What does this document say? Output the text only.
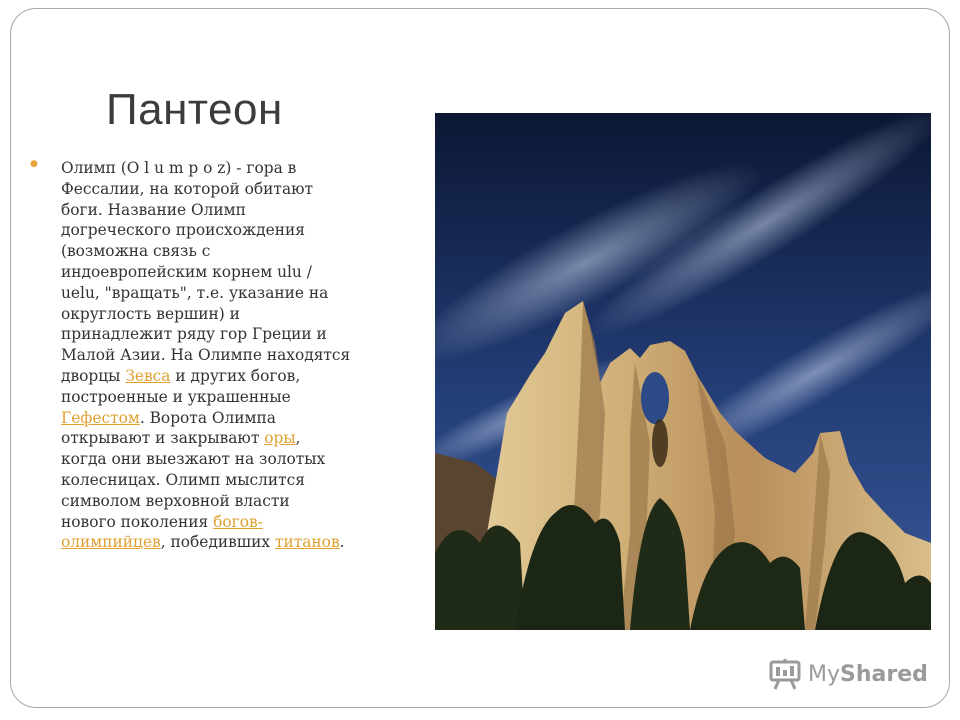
Пантеон
● Олимп (O l u m p o z) - гора в
Фессалии, на которой обитают
боги. Название Олимп
догреческого происхождения
(возможна связь с
индоевропейским корнем ulu /
uelu, "вращать", т.е. указание на
округлость вершин) и
принадлежит ряду гор Греции и
Малой Азии. На Олимпе находятся
дворцы Зевса и других богов,
построенные и украшенные
Гефестом. Ворота Олимпа
открывают и закрывают оры,
когда они выезжают на золотых
колесницах. Олимп мыслится
символом верховной власти
нового поколения богов-
олимпийцев, победивших титанов.
MyShared
